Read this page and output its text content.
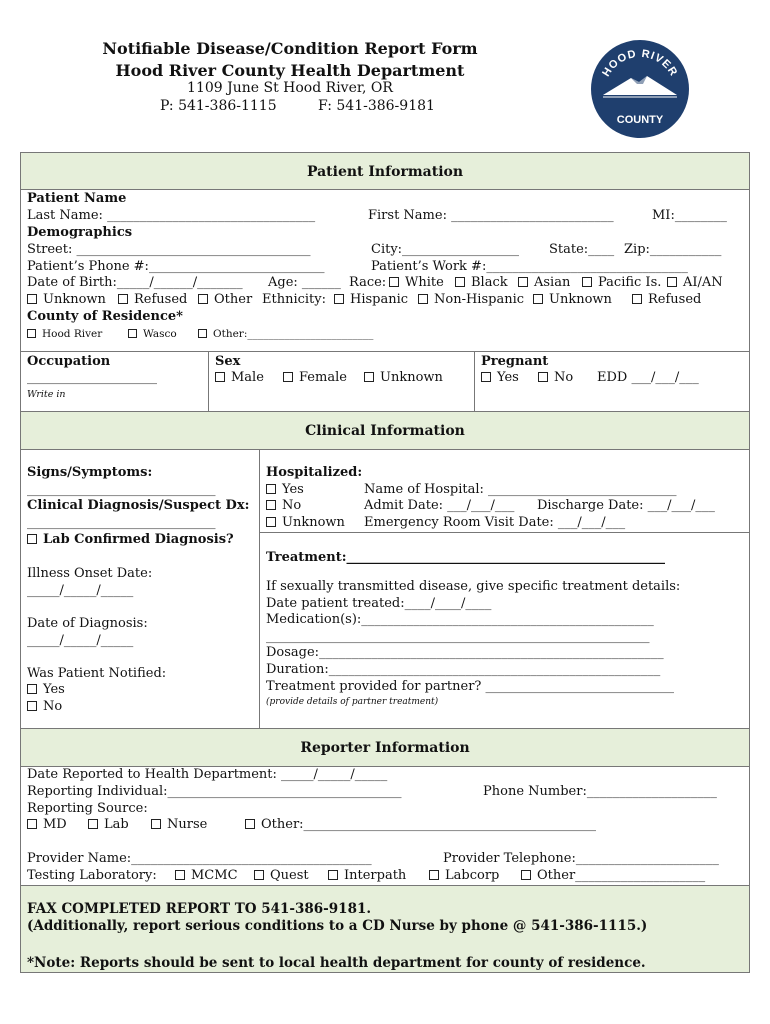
Notifiable Disease/Condition Report Form
Hood River County Health Department
1109 June St Hood River, OR
P: 541-386-1115	F: 541-386-9181
HOOD RIVER
COUNTY
Patient Information
Patient Name
Last Name: ________________________________	First Name: _________________________	MI:________
Demographics
Street: ____________________________________	City:__________________ State:____ Zip:___________
Patient’s Phone #:___________________________	Patient’s Work #:_______________________________
Date of Birth:_____/______/_______ Age: ______ Race:	White	Black	Asian	Pacific Is.	AI/AN
Unknown	Refused	Other Ethnicity:	Hispanic	Non-Hispanic	Unknown	Refused
County of Residence*
Hood River	Wasco	Other:________________________
Occupation
____________________
Write in
Sex
Male	Female	Unknown
Pregnant
Yes	No EDD ___/___/___
Clinical Information
Signs/Symptoms:
_____________________________
Clinical Diagnosis/Suspect Dx:
_____________________________
Lab Confirmed Diagnosis?
Illness Onset Date:
_____/_____/_____
Date of Diagnosis:
_____/_____/_____
Was Patient Notified:
Yes
No
Hospitalized:
Yes
No
Unknown
Name of Hospital: _____________________________
Admit Date: ___/___/___ Discharge Date: ___/___/___
Emergency Room Visit Date: ___/___/___
Treatment:_________________________________________________
If sexually transmitted disease, give specific treatment details:
Date patient treated:____/____/____
Medication(s):_____________________________________________
___________________________________________________________
Dosage:_____________________________________________________
Duration:___________________________________________________
Treatment provided for partner? _____________________________
(provide details of partner treatment)
Reporter Information
Date Reported to Health Department: _____/_____/_____
Reporting Individual:____________________________________	Phone Number:____________________
Reporting Source:
MD	Lab	Nurse	Other:_____________________________________________
Provider Name:_____________________________________	Provider Telephone:______________________
Testing Laboratory:	MCMC	Quest	Interpath	Labcorp	Other____________________
FAX COMPLETED REPORT TO 541-386-9181.
(Additionally, report serious conditions to a CD Nurse by phone @ 541-386-1115.)
*Note: Reports should be sent to local health department for county of residence.
